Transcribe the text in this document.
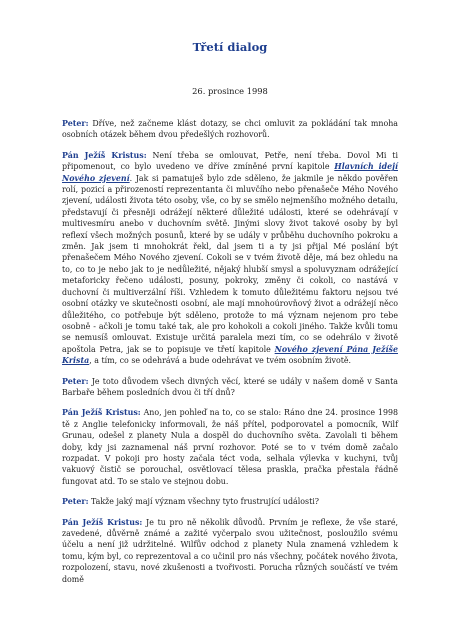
Třetí dialog
26. prosince 1998

Peter: Dříve, než začneme klást dotazy, se chci omluvit za pokládání tak mnoha osobních otázek během dvou předešlých rozhovorů.

Pán Ježíš Kristus: Není třeba se omlouvat, Petře, není třeba. Dovol Mi ti připomenout, co bylo uvedeno ve dříve zmíněné první kapitole Hlavních idejí Nového zjevení. Jak si pamatuješ bylo zde sděleno, že jakmile je někdo pověřen rolí, pozicí a přirozeností reprezentanta či mluvčího nebo přenašeče Mého Nového zjevení, události života této osoby, vše, co by se smělo nejmenšího možného detailu, představují či přesněji odrážejí některé důležité události, které se odehrávají v multivesmíru anebo v duchovním světě. Jinými slovy život takové osoby by byl reflexí všech možných posunů, které by se udály v průběhu duchovního pokroku a změn. Jak jsem ti mnohokrát řekl, dal jsem ti a ty jsi přijal Mé poslání být přenašečem Mého Nového zjevení. Cokoli se v tvém životě děje, má bez ohledu na to, co to je nebo jak to je nedůležité, nějaký hlubší smysl a spoluvyznam odrážející metaforicky řečeno události, posuny, pokroky, změny či cokoli, co nastává v duchovní či multiverzální říši. Vzhledem k tomuto důležitému faktoru nejsou tvé osobní otázky ve skutečnosti osobní, ale mají mnohoúrovňový život a odrážejí něco důležitého, co potřebuje být sděleno, protože to má význam nejenom pro tebe osobně - ačkoli je tomu také tak, ale pro kohokoli a cokoli jiného. Takže kvůli tomu se nemusíš omlouvat. Existuje určitá paralela mezi tím, co se odehrálo v životě apoštola Petra, jak se to popisuje ve třetí kapitole Nového zjevení Pána Ježíše Krista, a tím, co se odehrává a bude odehrávat ve tvém osobním životě.

Peter: Je toto důvodem všech divných věcí, které se udály v našem domě v Santa Barbaře během posledních dvou či tří dnů?

Pán Ježíš Kristus: Ano, jen pohleď na to, co se stalo: Ráno dne 24. prosince 1998 tě z Anglie telefonicky informovali, že náš přítel, podporovatel a pomocník, Wilf Grunau, odešel z planety Nula a dospěl do duchovního světa. Zavolali ti během doby, kdy jsi zaznamenal náš první rozhovor. Poté se to v tvém domě začalo rozpadat. V pokoji pro hosty začala téct voda, selhala výlevka v kuchyni, tvůj vakuový čistič se porouchal, osvětlovací tělesa praskla, pračka přestala řádně fungovat atd. To se stalo ve stejnou dobu.

Peter: Takže jaký mají význam všechny tyto frustrující události?

Pán Ježíš Kristus: Je tu pro ně několik důvodů. Prvním je reflexe, že vše staré, zavedené, důvěrně známé a zažité vyčerpalo svou užitečnost, posloužilo svému účelu a není již udržitelné. Wilfův odchod z planety Nula znamená vzhledem k tomu, kým byl, co reprezentoval a co učinil pro nás všechny, počátek nového života, rozpolození, stavu, nové zkušenosti a tvořivosti. Porucha různých součástí ve tvém domě
